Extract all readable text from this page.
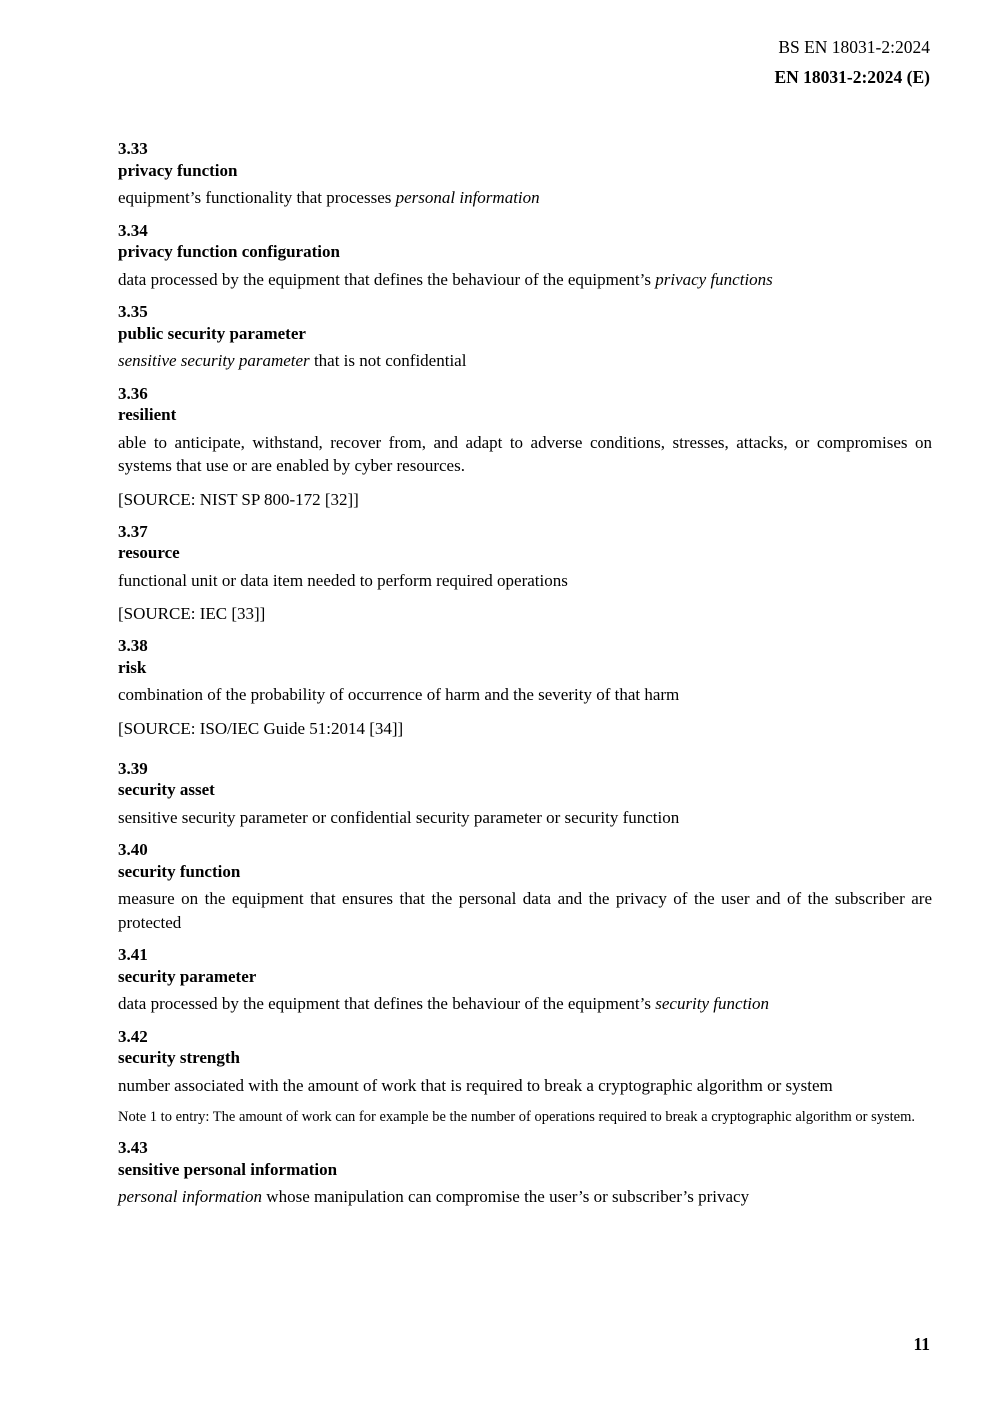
BS EN 18031-2:2024
EN 18031-2:2024 (E)

3.33
privacy function

equipment’s functionality that processes personal information

3.34
privacy function configuration

data processed by the equipment that defines the behaviour of the equipment’s privacy functions

3.35
public security parameter

sensitive security parameter that is not confidential

3.36
resilient

able to anticipate, withstand, recover from, and adapt to adverse conditions, stresses, attacks, or compromises on systems that use or are enabled by cyber resources.

[SOURCE: NIST SP 800-172 [32]]

3.37
resource

functional unit or data item needed to perform required operations

[SOURCE: IEC [33]]

3.38
risk

combination of the probability of occurrence of harm and the severity of that harm

[SOURCE: ISO/IEC Guide 51:2014 [34]]

3.39
security asset

sensitive security parameter or confidential security parameter or security function

3.40
security function

measure on the equipment that ensures that the personal data and the privacy of the user and of the subscriber are protected

3.41
security parameter

data processed by the equipment that defines the behaviour of the equipment’s security function

3.42
security strength

number associated with the amount of work that is required to break a cryptographic algorithm or system

Note 1 to entry: The amount of work can for example be the number of operations required to break a cryptographic algorithm or system.

3.43
sensitive personal information

personal information whose manipulation can compromise the user’s or subscriber’s privacy

11
